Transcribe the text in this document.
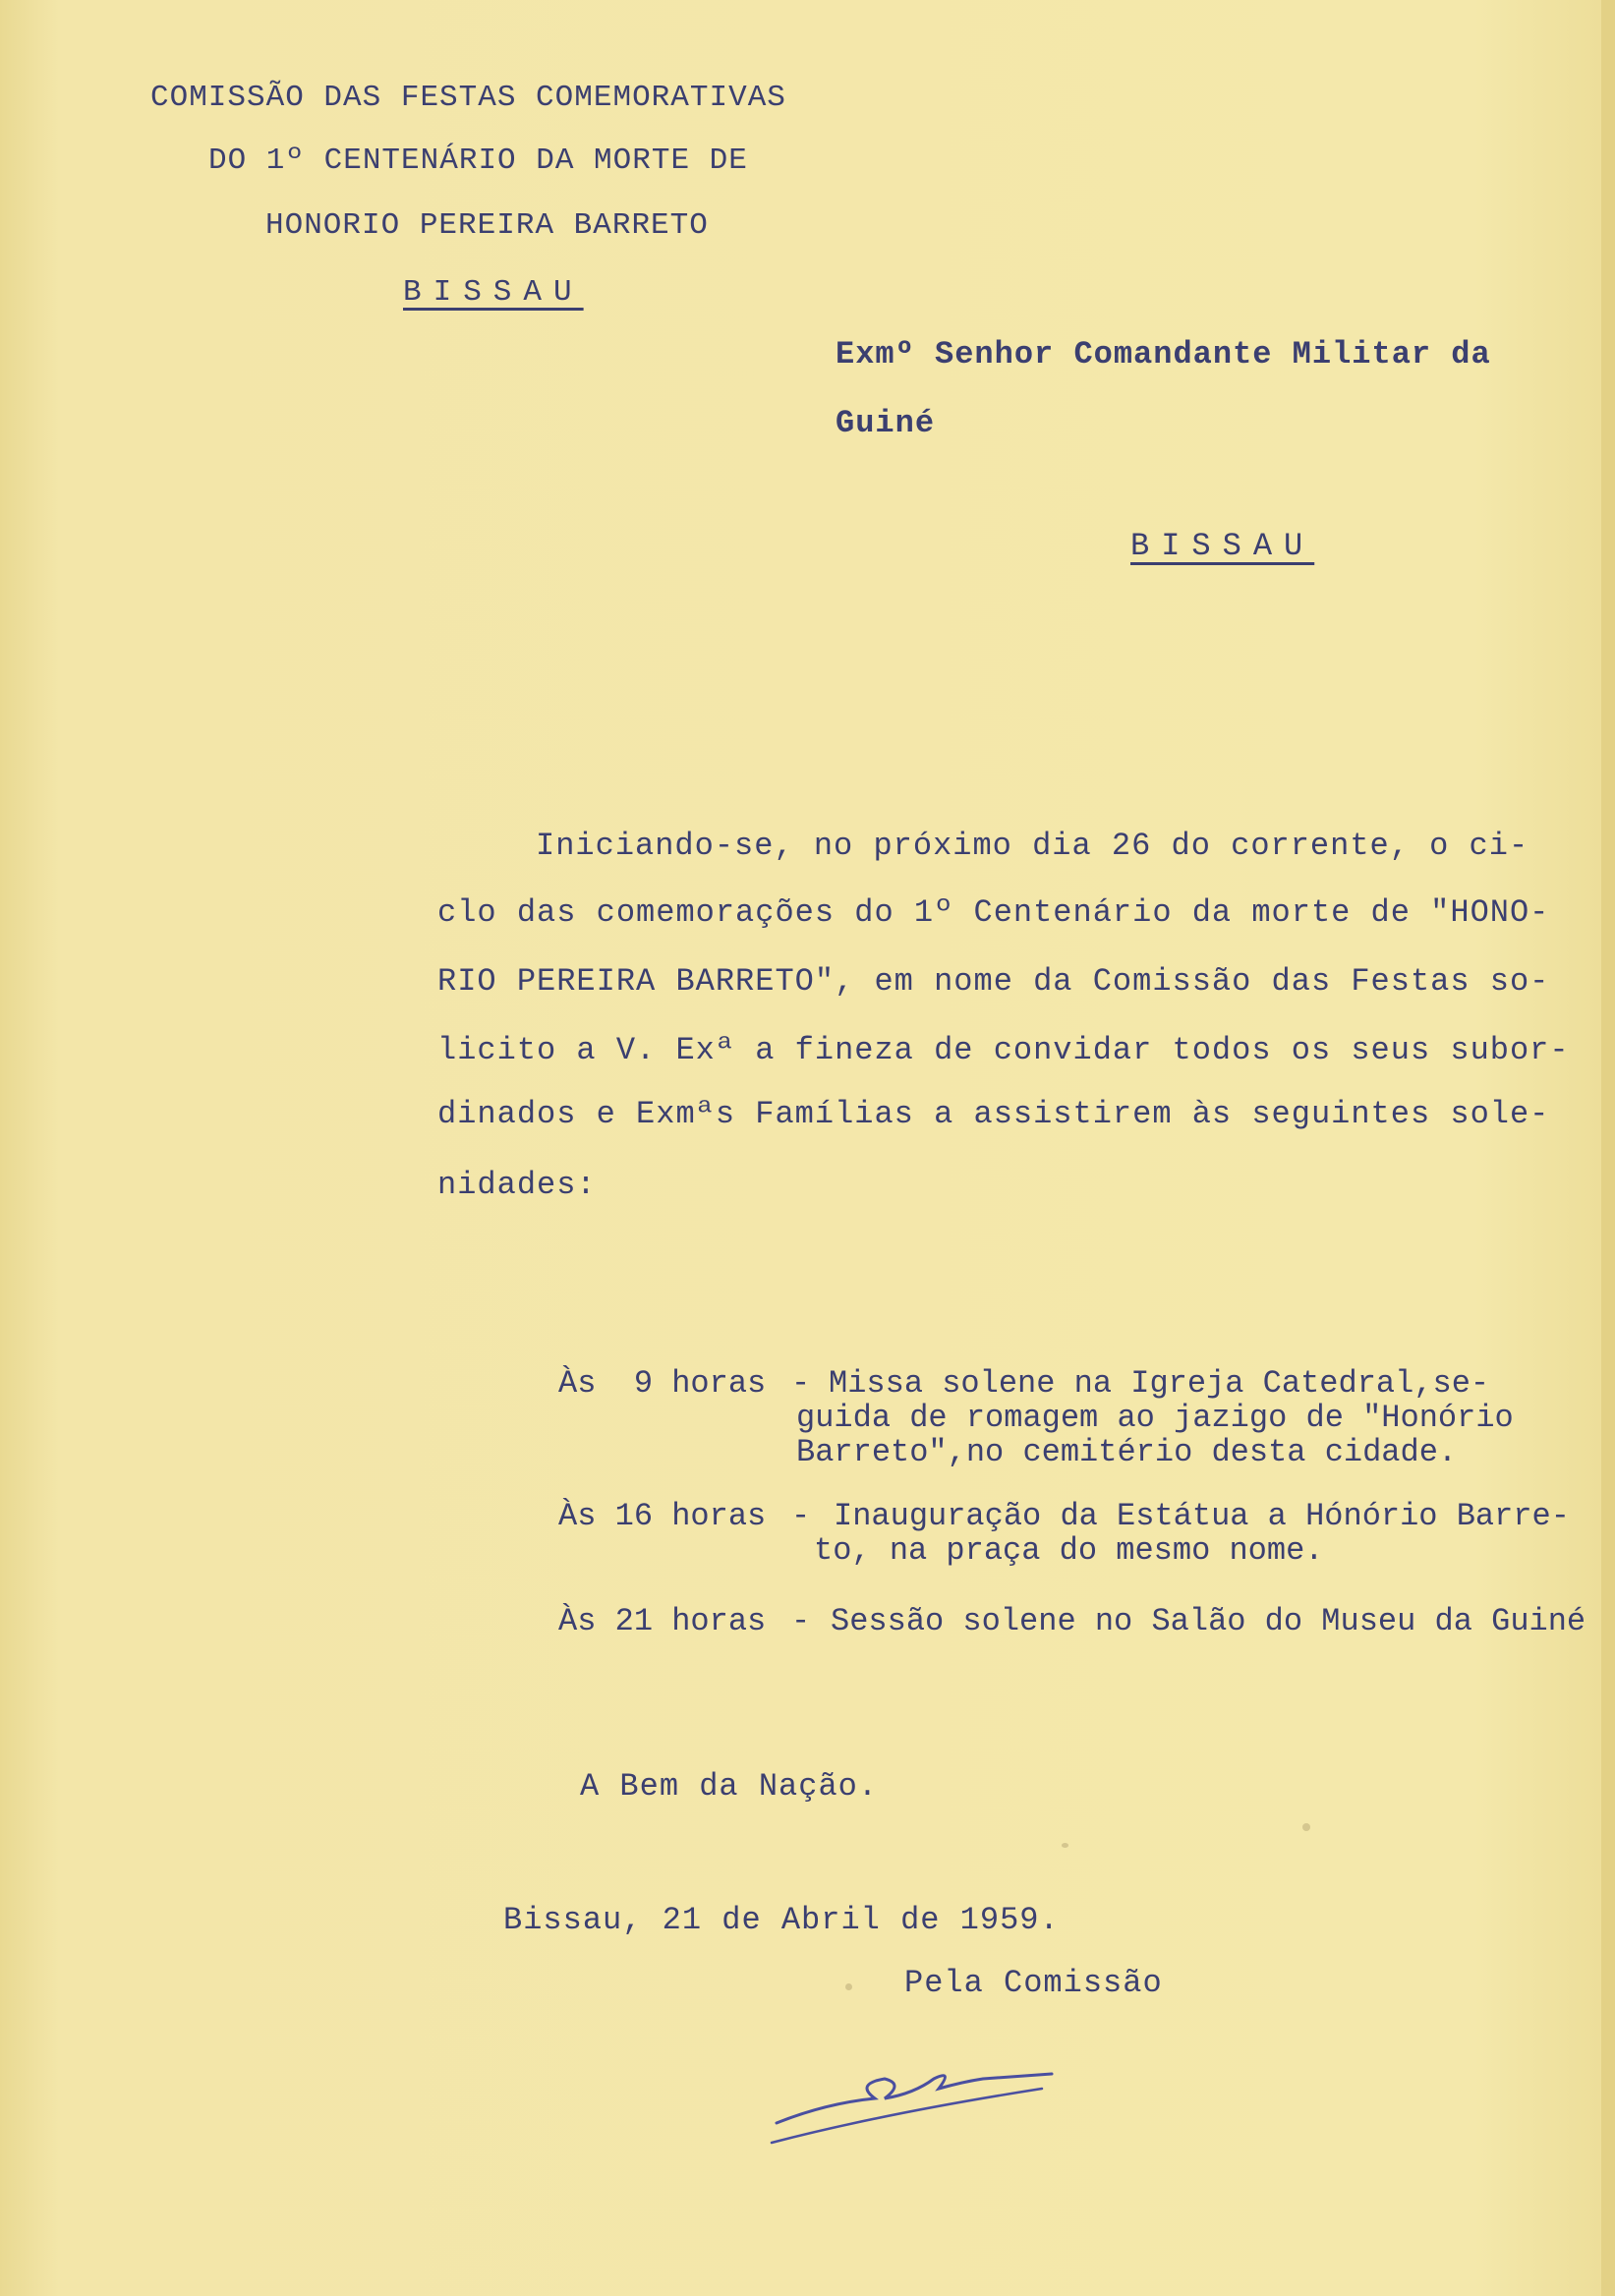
COMISSÃO DAS FESTAS COMEMORATIVAS
DO 1º CENTENÁRIO DA MORTE DE
HONORIO PEREIRA BARRETO
BISSAU
Exmº Senhor Comandante Militar da
Guiné
BISSAU
Iniciando-se, no próximo dia 26 do corrente, o ci-
clo das comemorações do 1º Centenário da morte de "HONO-
RIO PEREIRA BARRETO", em nome da Comissão das Festas so-
licito a V. Exª a fineza de convidar todos os seus subor-
dinados e Exmªs Famílias a assistirem às seguintes sole-
nidades:
Às  9 horas - Missa solene na Igreja Catedral,se-
guida de romagem ao jazigo de "Honório
Barreto",no cemitério desta cidade.
Às 16 horas - Inauguração da Estátua a Hónório Barre-
to, na praça do mesmo nome.
Às 21 horas - Sessão solene no Salão do Museu da Guiné
A Bem da Nação.
Bissau, 21 de Abril de 1959.
Pela Comissão
